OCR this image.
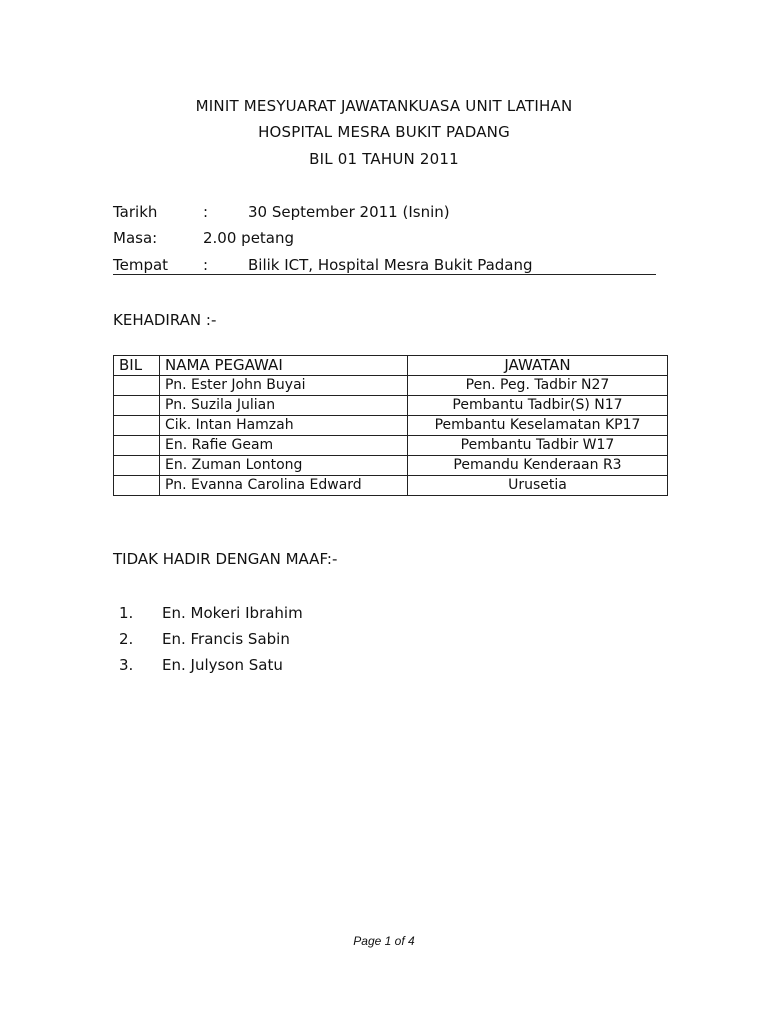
MINIT MESYUARAT JAWATANKUASA UNIT LATIHAN
HOSPITAL MESRA BUKIT PADANG
BIL 01 TAHUN 2011
Tarikh	:	30 September 2011 (Isnin)
Masa:	2.00 petang
Tempat :	Bilik ICT, Hospital Mesra Bukit Padang
KEHADIRAN :-
BIL	NAMA PEGAWAI	JAWATAN
	Pn. Ester John Buyai	Pen. Peg. Tadbir N27
	Pn. Suzila Julian	Pembantu Tadbir(S) N17
	Cik. Intan Hamzah	Pembantu Keselamatan KP17
	En. Rafie Geam	Pembantu Tadbir W17
	En. Zuman Lontong	Pemandu Kenderaan R3
	Pn. Evanna Carolina Edward	Urusetia
TIDAK HADIR DENGAN MAAF:-
1. En. Mokeri Ibrahim
2. En. Francis Sabin
3. En. Julyson Satu
Page 1 of 4
